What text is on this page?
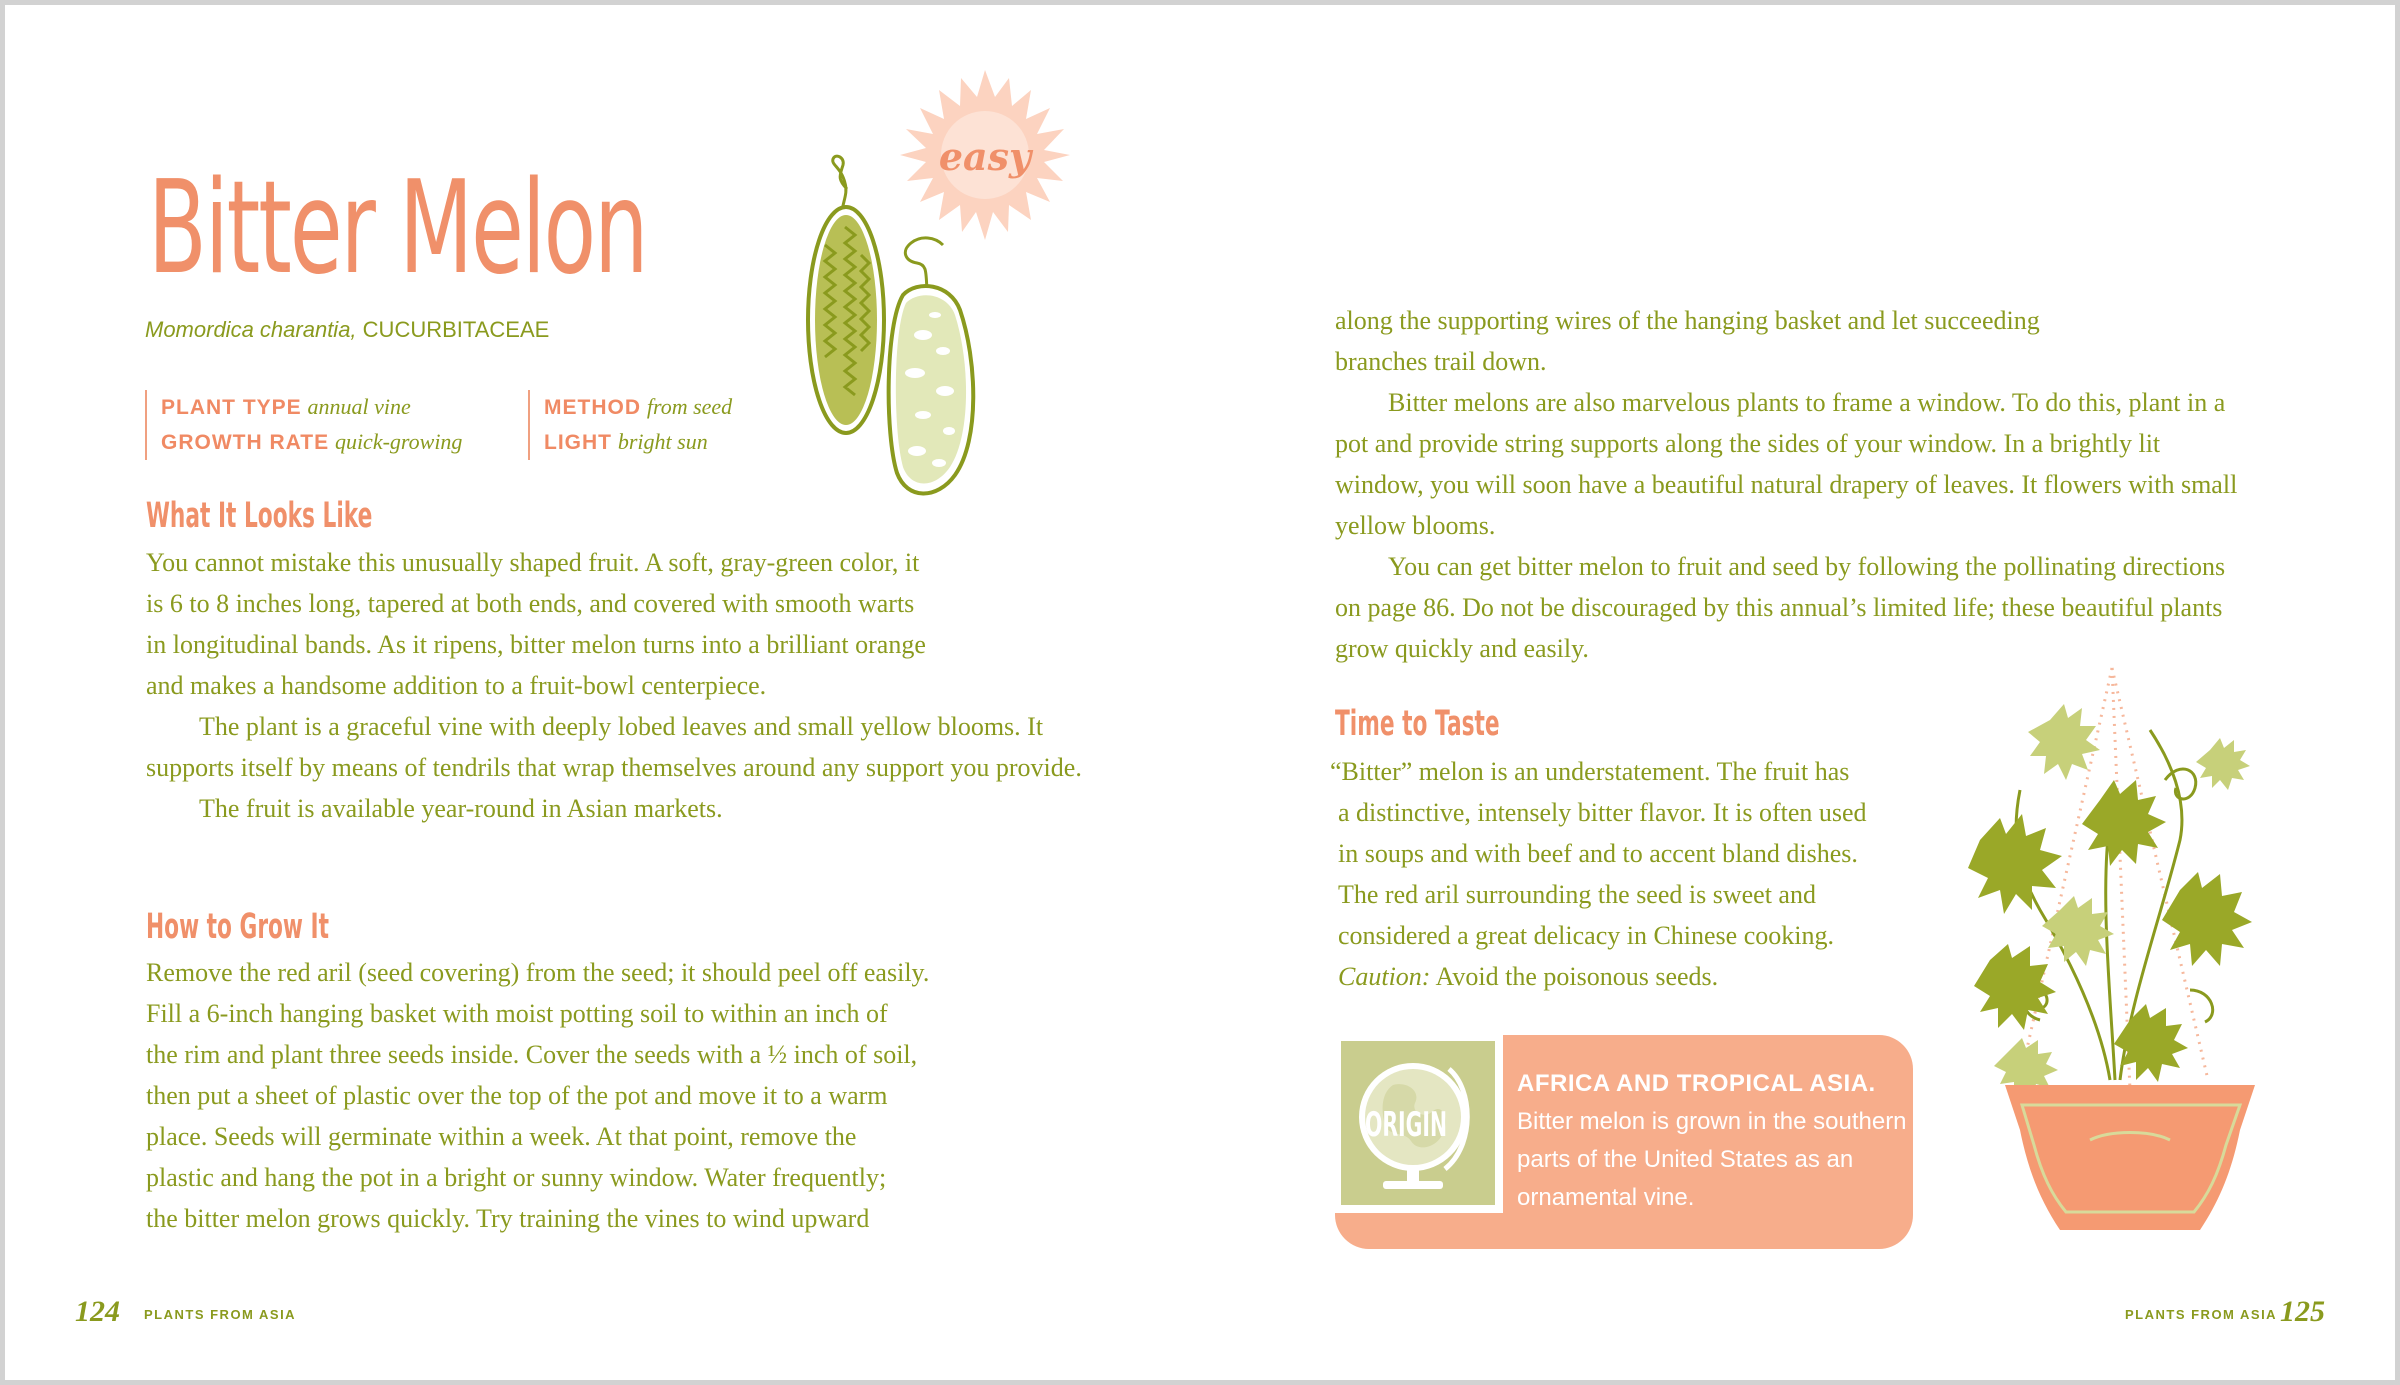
Bitter Melon	easy
Momordica charantia, CUCURBITACEAE
PLANT TYPE annual vine
GROWTH RATE quick-growing
METHOD from seed
LIGHT bright sun
What It Looks Like

You cannot mistake this unusually shaped fruit. A soft, gray-green color, it
is 6 to 8 inches long, tapered at both ends, and covered with smooth warts
in longitudinal bands. As it ripens, bitter melon turns into a brilliant orange
and makes a handsome addition to a fruit-bowl centerpiece.

The plant is a graceful vine with deeply lobed leaves and small yellow blooms. It supports itself by means of tendrils that wrap themselves around any support you provide.

The fruit is available year-round in Asian markets.

How to Grow It

Remove the red aril (seed covering) from the seed; it should peel off easily.
Fill a 6-inch hanging basket with moist potting soil to within an inch of
the rim and plant three seeds inside. Cover the seeds with a ½ inch of soil,
then put a sheet of plastic over the top of the pot and move it to a warm
place. Seeds will germinate within a week. At that point, remove the
plastic and hang the pot in a bright or sunny window. Water frequently;
the bitter melon grows quickly. Try training the vines to wind upward

124 PLANTS FROM ASIA

along the supporting wires of the hanging basket and let succeeding
branches trail down.

Bitter melons are also marvelous plants to frame a window. To do this, plant in a pot and provide string supports along the sides of your window. In a brightly lit window, you will soon have a beautiful natural drapery of leaves. It flowers with small yellow blooms.

You can get bitter melon to fruit and seed by following the pollinating directions on page 86. Do not be discouraged by this annual’s limited life; these beautiful plants grow quickly and easily.

Time to Taste

“Bitter” melon is an understatement. The fruit has
a distinctive, intensely bitter flavor. It is often used
in soups and with beef and to accent bland dishes.
The red aril surrounding the seed is sweet and
considered a great delicacy in Chinese cooking.
Caution: Avoid the poisonous seeds.

ORIGIN
AFRICA AND TROPICAL ASIA. Bitter melon is grown in the southern parts of the United States as an ornamental vine.
PLANTS FROM ASIA 125
